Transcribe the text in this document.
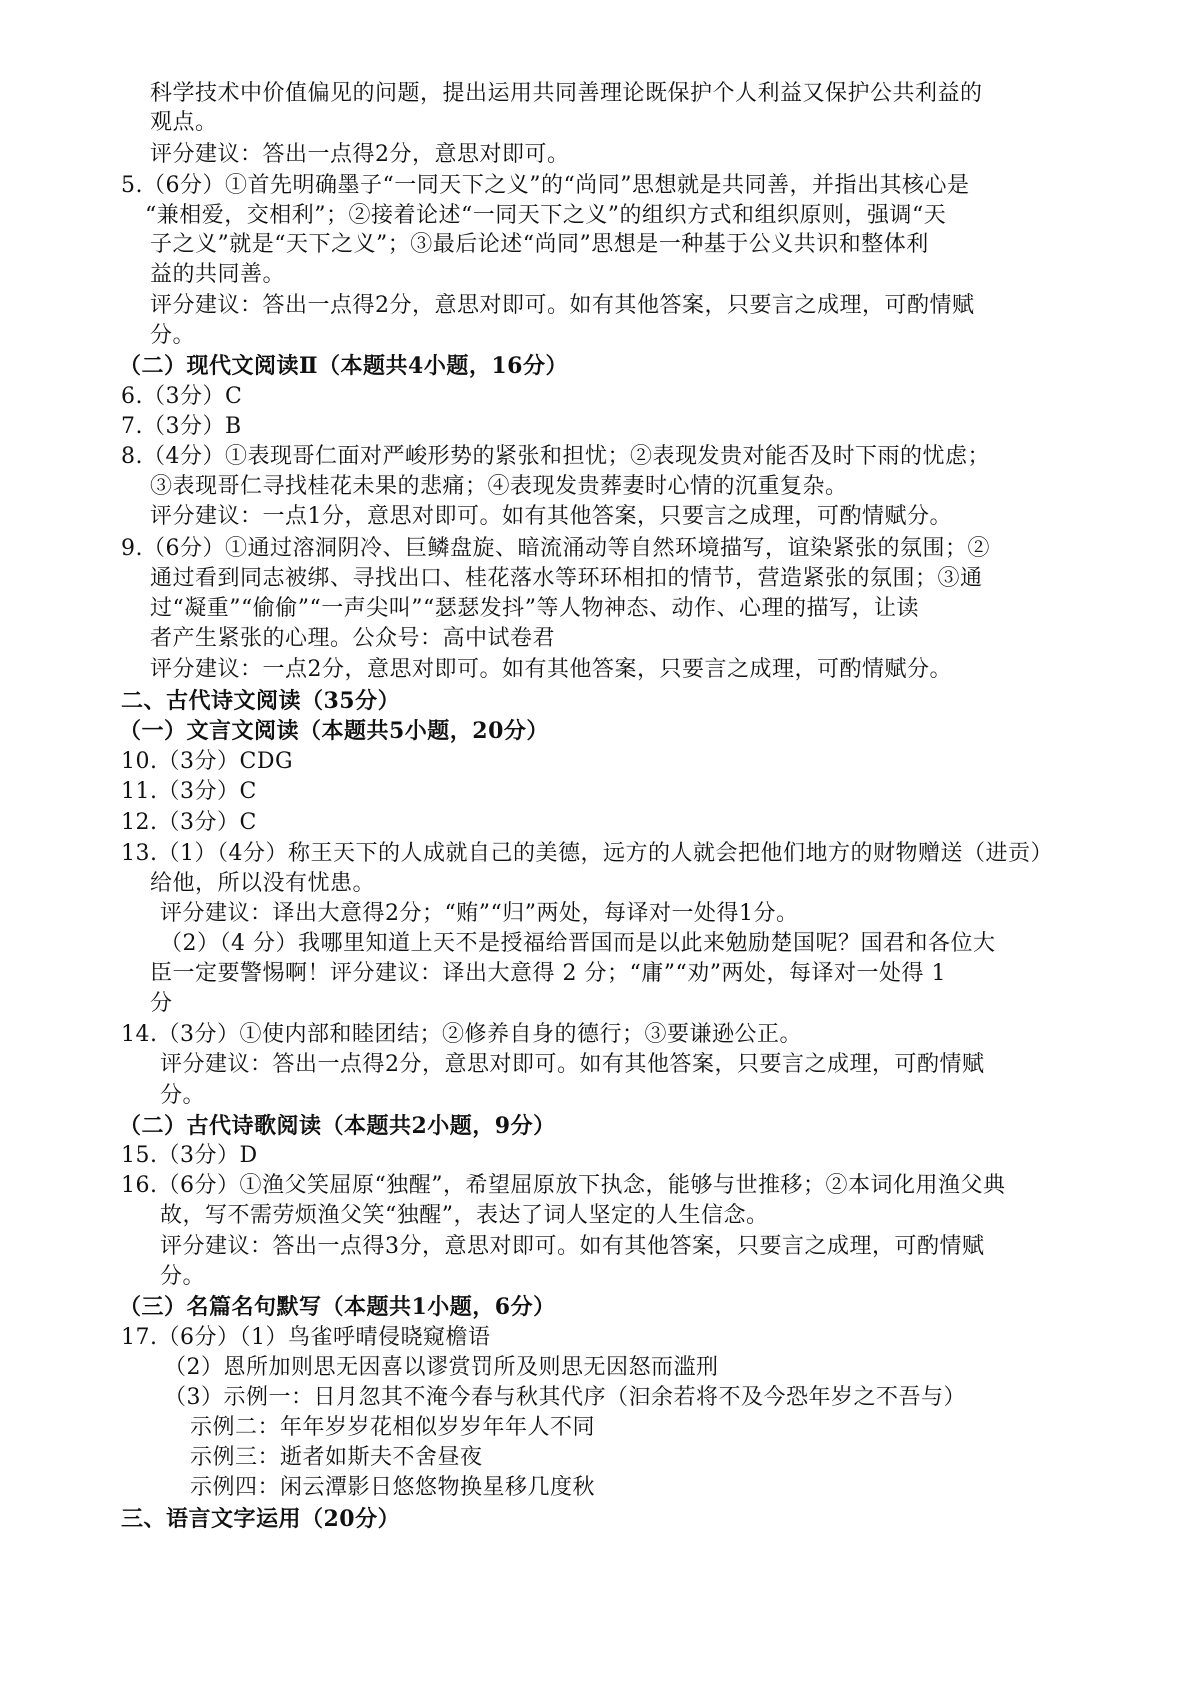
科学技术中价值偏见的问题，提出运用共同善理论既保护个人利益又保护公共利益的
观点。
评分建议：答出一点得2分，意思对即可。
5.（6分）①首先明确墨子“一同天下之义”的“尚同”思想就是共同善，并指出其核心是
“兼相爱，交相利”；②接着论述“一同天下之义”的组织方式和组织原则，强调“天
子之义”就是“天下之义”；③最后论述“尚同”思想是一种基于公义共识和整体利
益的共同善。
评分建议：答出一点得2分，意思对即可。如有其他答案，只要言之成理，可酌情赋
分。
（二）现代文阅读Ⅱ（本题共4小题，16分）
6.（3分）C
7.（3分）B
8.（4分）①表现哥仁面对严峻形势的紧张和担忧；②表现发贵对能否及时下雨的忧虑；
③表现哥仁寻找桂花未果的悲痛；④表现发贵葬妻时心情的沉重复杂。
评分建议：一点1分，意思对即可。如有其他答案，只要言之成理，可酌情赋分。
9.（6分）①通过溶洞阴冷、巨鳞盘旋、暗流涌动等自然环境描写，谊染紧张的氛围；②
通过看到同志被绑、寻找出口、桂花落水等环环相扣的情节，营造紧张的氛围；③通
过“凝重”“偷偷”“一声尖叫”“瑟瑟发抖”等人物神态、动作、心理的描写，让读
者产生紧张的心理。公众号：高中试卷君
评分建议：一点2分，意思对即可。如有其他答案，只要言之成理，可酌情赋分。
二、古代诗文阅读（35分）
（一）文言文阅读（本题共5小题，20分）
10.（3分）CDG
11.（3分）C
12.（3分）C
13.（1）（4分）称王天下的人成就自己的美德，远方的人就会把他们地方的财物赠送（进贡）
给他，所以没有忧患。
评分建议：译出大意得2分；“贿”“归”两处，每译对一处得1分。
（2）（4 分）我哪里知道上天不是授福给晋国而是以此来勉励楚国呢？国君和各位大
臣一定要警惕啊！评分建议：译出大意得 2 分；“庸”“劝”两处，每译对一处得 1
分
14.（3分）①使内部和睦团结；②修养自身的德行；③要谦逊公正。
评分建议：答出一点得2分，意思对即可。如有其他答案，只要言之成理，可酌情赋
分。
（二）古代诗歌阅读（本题共2小题，9分）
15.（3分）D
16.（6分）①渔父笑屈原“独醒”，希望屈原放下执念，能够与世推移；②本词化用渔父典
故，写不需劳烦渔父笑“独醒”，表达了词人坚定的人生信念。
评分建议：答出一点得3分，意思对即可。如有其他答案，只要言之成理，可酌情赋
分。
（三）名篇名句默写（本题共1小题，6分）
17.（6分）（1）鸟雀呼晴侵晓窥檐语
（2）恩所加则思无因喜以谬赏罚所及则思无因怒而滥刑
（3）示例一：日月忽其不淹今春与秋其代序（汩余若将不及今恐年岁之不吾与）
示例二：年年岁岁花相似岁岁年年人不同
示例三：逝者如斯夫不舍昼夜
示例四：闲云潭影日悠悠物换星移几度秋
三、语言文字运用（20分）
